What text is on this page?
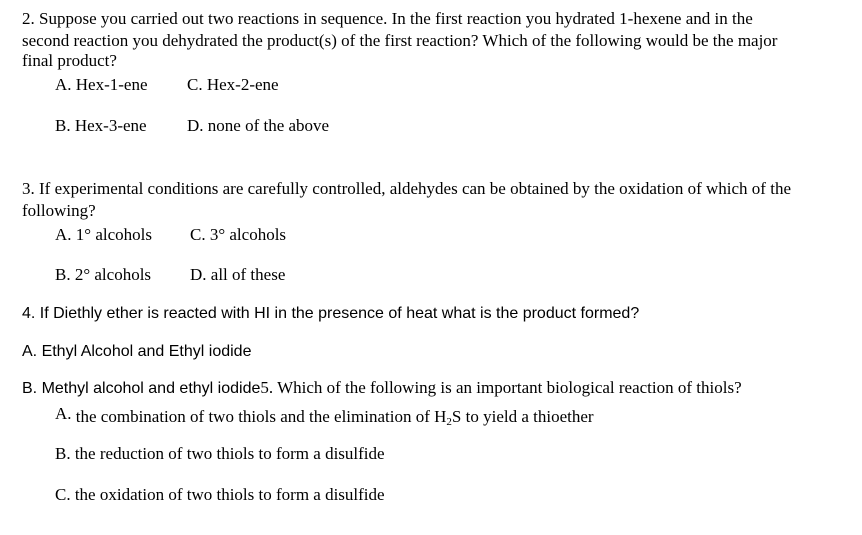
2. Suppose you carried out two reactions in sequence. In the first reaction you hydrated 1-hexene and in the
second reaction you dehydrated the product(s) of the first reaction? Which of the following would be the major
final product?
A. Hex-1-ene C. Hex-2-ene
B. Hex-3-ene D. none of the above
3. If experimental conditions are carefully controlled, aldehydes can be obtained by the oxidation of which of the
following?
A. 1° alcohols C. 3° alcohols
B. 2° alcohols D. all of these
4. If Diethly ether is reacted with HI in the presence of heat what is the product formed?
A. Ethyl Alcohol and Ethyl iodide
B. Methyl alcohol and ethyl iodide5. Which of the following is an important biological reaction of thiols?
A. the combination of two thiols and the elimination of $H_2S$ to yield a thioether
B. the reduction of two thiols to form a disulfide
C. the oxidation of two thiols to form a disulfide
